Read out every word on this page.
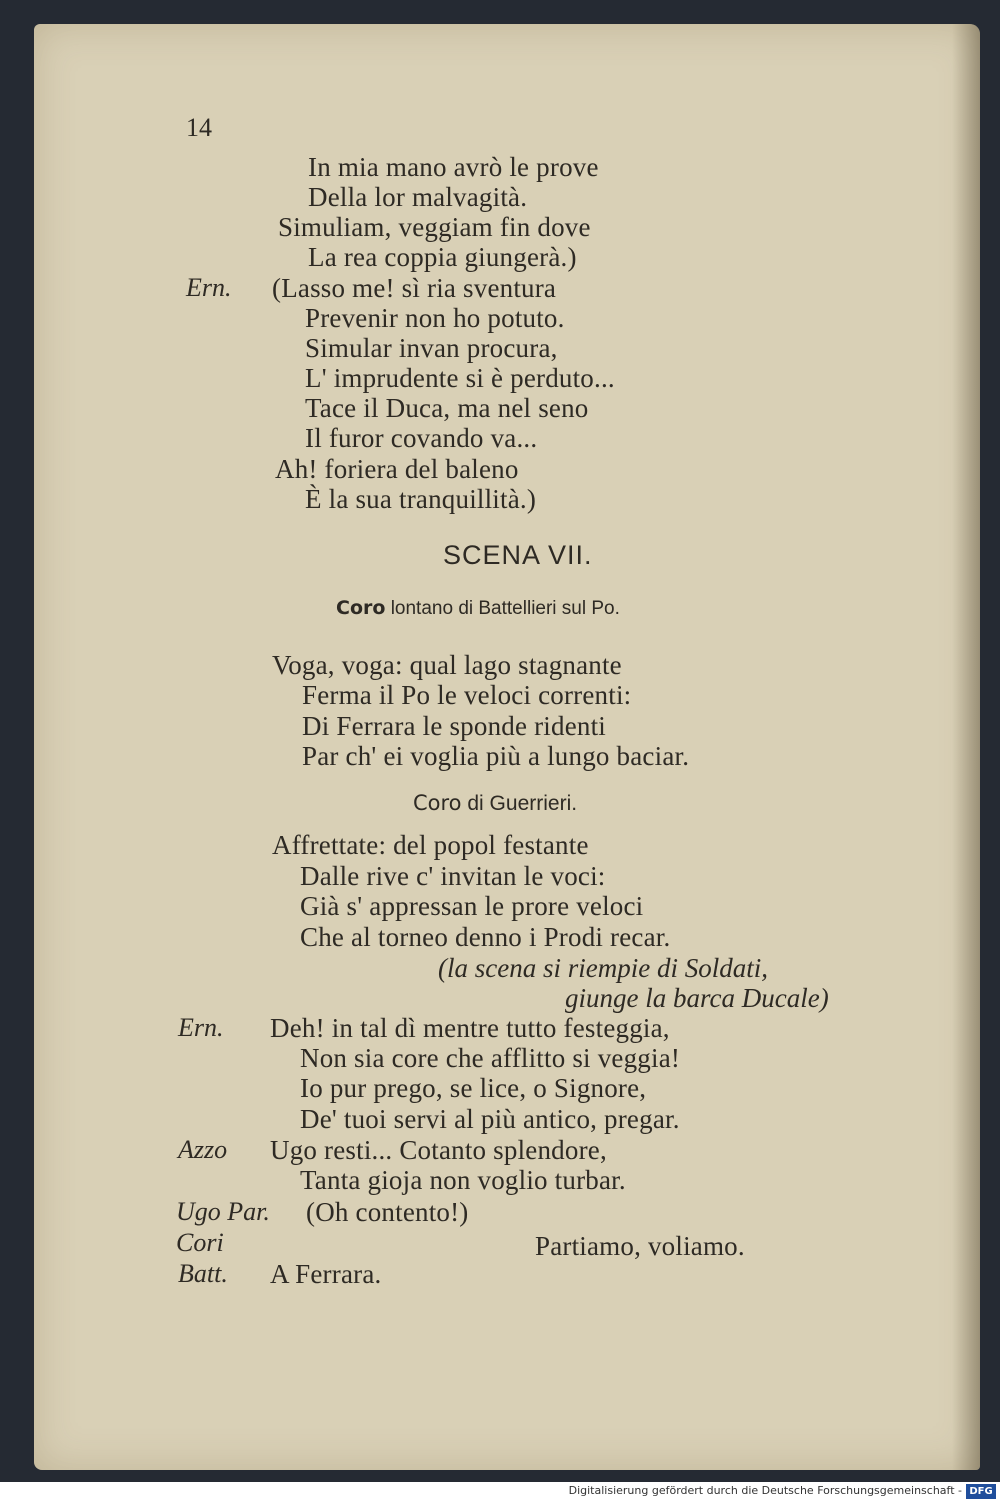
14
In mia mano avrò le prove
Della lor malvagità.
Simuliam, veggiam fin dove
La rea coppia giungerà.)
Ern. (Lasso me! sì ria sventura
Prevenir non ho potuto.
Simular invan procura,
L' imprudente si è perduto...
Tace il Duca, ma nel seno
Il furor covando va...
Ah! foriera del baleno
È la sua tranquillità.)
SCENA VII.
Coro lontano di Battellieri sul Po.
Voga, voga: qual lago stagnante
Ferma il Po le veloci correnti:
Di Ferrara le sponde ridenti
Par ch' ei voglia più a lungo baciar.
Coro di Guerrieri.
Affrettate: del popol festante
Dalle rive c' invitan le voci:
Già s' appressan le prore veloci
Che al torneo denno i Prodi recar.
(la scena si riempie di Soldati,
giunge la barca Ducale)
Ern. Deh! in tal dì mentre tutto festeggia,
Non sia core che afflitto si veggia!
Io pur prego, se lice, o Signore,
De' tuoi servi al più antico, pregar.
Azzo Ugo resti... Cotanto splendore,
Tanta gioja non voglio turbar.
Ugo Par. (Oh contento!)
Cori	Partiamo, voliamo.
Batt. A Ferrara.
Digitalisierung gefördert durch die Deutsche Forschungsgemeinschaft - DFG
